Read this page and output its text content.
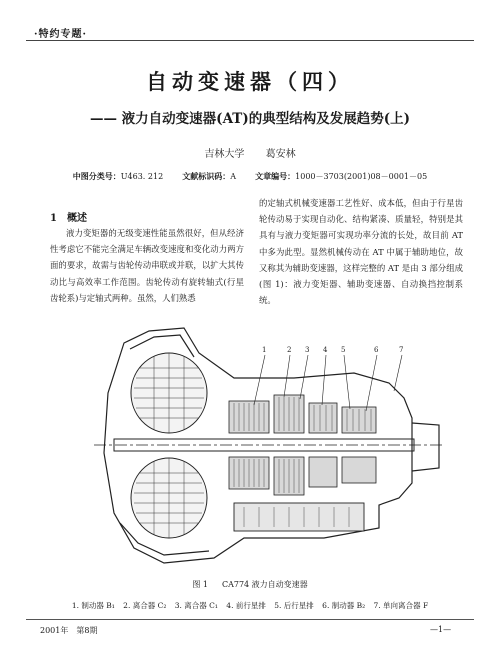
·特约专题·
自动变速器（四）
—— 液力自动变速器(AT)的典型结构及发展趋势(上)
吉林大学 葛安林
中图分类号：U463. 212 文献标识码：A 文章编号：1000－3703(2001)08－0001－05
1 概述
液力变矩器的无级变速性能虽然很好，但从经济性考虑它不能完全满足车辆改变速度和变化动力两方面的要求，故需与齿轮传动串联或并联，以扩大其传动比与高效率工作范围。齿轮传动有旋转轴式(行星齿轮系)与定轴式两种。虽然，人们熟悉
的定轴式机械变速器工艺性好、成本低，但由于行星齿轮传动易于实现自动化、结构紧凑、质量轻，特别是其具有与液力变矩器可实现功率分流的长处，故目前 AT 中多为此型。显然机械传动在 AT 中属于辅助地位，故又称其为辅助变速器，这样完整的 AT 是由 3 部分组成(图 1)：液力变矩器、辅助变速器、自动换挡控制系统。
1	2 3 4 5	6	7
图 1 CA774 液力自动变速器
1. 制动器 B₁ 2. 离合器 C₂ 3. 离合器 C₁ 4. 前行星排 5. 后行星排 6. 制动器 B₂ 7. 单向离合器 F
2001年　第8期	—1—
